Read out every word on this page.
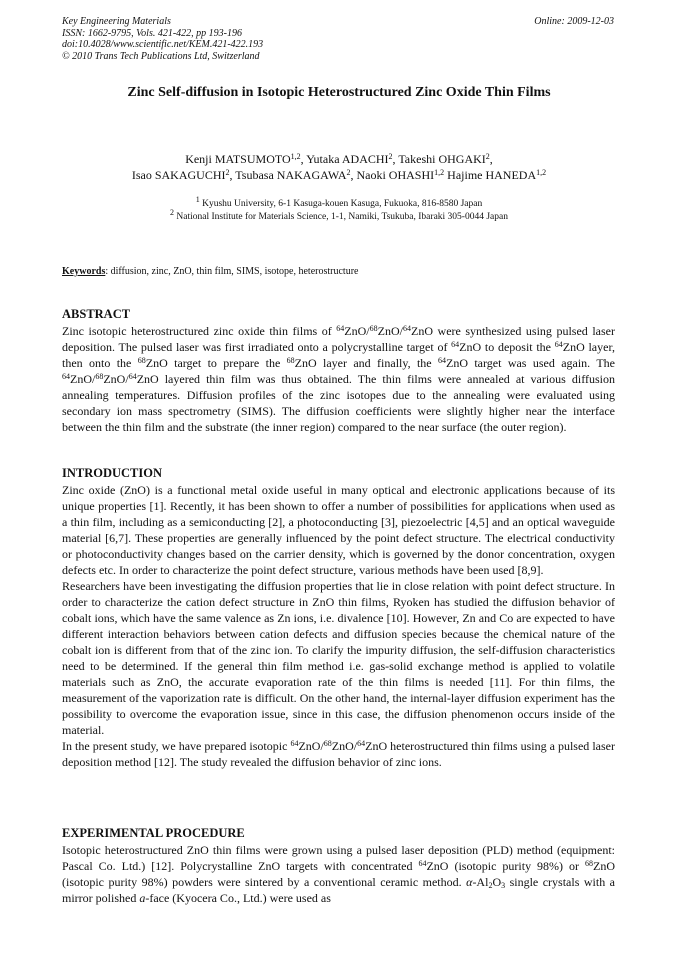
Key Engineering Materials
ISSN: 1662-9795, Vols. 421-422, pp 193-196
doi:10.4028/www.scientific.net/KEM.421-422.193
© 2010 Trans Tech Publications Ltd, Switzerland
Online: 2009-12-03
Zinc Self-diffusion in Isotopic Heterostructured Zinc Oxide Thin Films
Kenji MATSUMOTO$^{1,2}$, Yutaka ADACHI$^2$, Takeshi OHGAKI$^2$,
Isao SAKAGUCHI$^2$, Tsubasa NAKAGAWA$^2$, Naoki OHASHI$^{1,2}$ Hajime HANEDA$^{1,2}$
$^1$ Kyushu University, 6-1 Kasuga-kouen Kasuga, Fukuoka, 816-8580 Japan
$^2$ National Institute for Materials Science, 1-1, Namiki, Tsukuba, Ibaraki 305-0044 Japan
Keywords: diffusion, zinc, ZnO, thin film, SIMS, isotope, heterostructure
ABSTRACT

Zinc isotopic heterostructured zinc oxide thin films of $^{64}$ZnO/$^{68}$ZnO/$^{64}$ZnO were synthesized using pulsed laser deposition. The pulsed laser was first irradiated onto a polycrystalline target of $^{64}$ZnO to deposit the $^{64}$ZnO layer, then onto the $^{68}$ZnO target to prepare the $^{68}$ZnO layer and finally, the $^{64}$ZnO target was used again. The $^{64}$ZnO/$^{68}$ZnO/$^{64}$ZnO layered thin film was thus obtained. The thin films were annealed at various diffusion annealing temperatures. Diffusion profiles of the zinc isotopes due to the annealing were evaluated using secondary ion mass spectrometry (SIMS). The diffusion coefficients were slightly higher near the interface between the thin film and the substrate (the inner region) compared to the near surface (the outer region).

INTRODUCTION

Zinc oxide (ZnO) is a functional metal oxide useful in many optical and electronic applications because of its unique properties [1]. Recently, it has been shown to offer a number of possibilities for applications when used as a thin film, including as a semiconducting [2], a photoconducting [3], piezoelectric [4,5] and an optical waveguide material [6,7]. These properties are generally influenced by the point defect structure. The electrical conductivity or photoconductivity changes based on the carrier density, which is governed by the donor concentration, oxygen defects etc. In order to characterize the point defect structure, various methods have been used [8,9].

Researchers have been investigating the diffusion properties that lie in close relation with point defect structure. In order to characterize the cation defect structure in ZnO thin films, Ryoken has studied the diffusion behavior of cobalt ions, which have the same valence as Zn ions, i.e. divalence [10]. However, Zn and Co are expected to have different interaction behaviors between cation defects and diffusion species because the chemical nature of the cobalt ion is different from that of the zinc ion. To clarify the impurity diffusion, the self-diffusion characteristics need to be determined. If the general thin film method i.e. gas-solid exchange method is applied to volatile materials such as ZnO, the accurate evaporation rate of the thin films is needed [11]. For thin films, the measurement of the vaporization rate is difficult. On the other hand, the internal-layer diffusion experiment has the possibility to overcome the evaporation issue, since in this case, the diffusion phenomenon occurs inside of the material.

In the present study, we have prepared isotopic $^{64}$ZnO/$^{68}$ZnO/$^{64}$ZnO heterostructured thin films using a pulsed laser deposition method [12]. The study revealed the diffusion behavior of zinc ions.

EXPERIMENTAL PROCEDURE

Isotopic heterostructured ZnO thin films were grown using a pulsed laser deposition (PLD) method (equipment: Pascal Co. Ltd.) [12]. Polycrystalline ZnO targets with concentrated $^{64}$ZnO (isotopic purity 98%) or $^{68}$ZnO (isotopic purity 98%) powders were sintered by a conventional ceramic method. $\alpha-Al_2O_3$ single crystals with a mirror polished a-face (Kyocera Co., Ltd.) were used as
